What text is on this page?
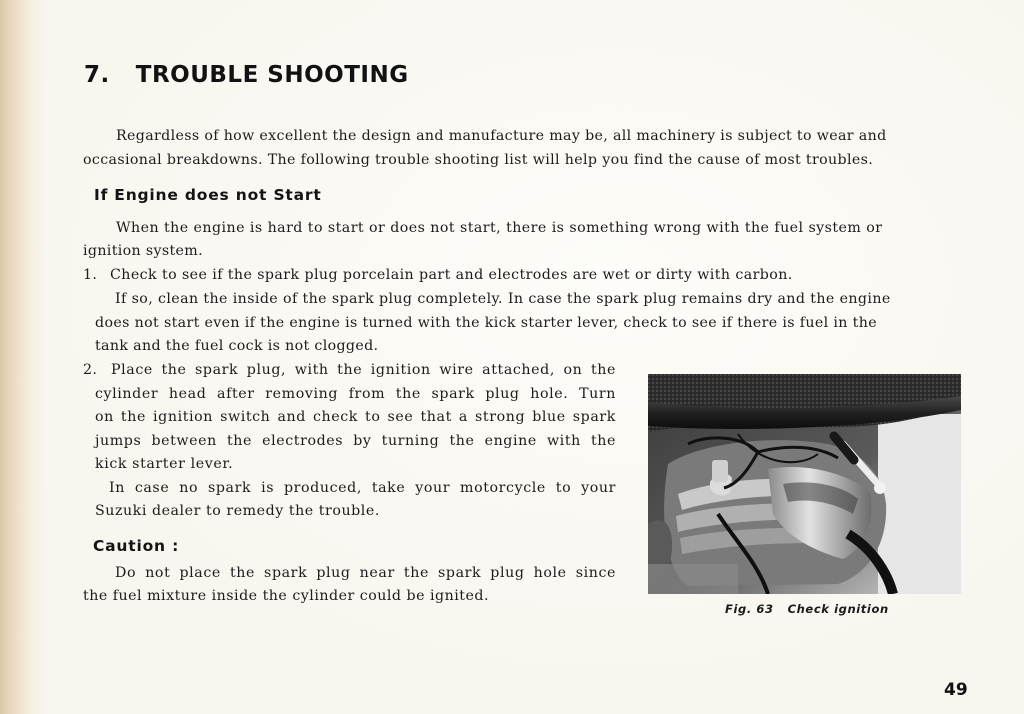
7. TROUBLE SHOOTING
Regardless of how excellent the design and manufacture may be, all machinery is subject to wear and
occasional breakdowns. The following trouble shooting list will help you find the cause of most troubles.
If Engine does not Start
When the engine is hard to start or does not start, there is something wrong with the fuel system or
ignition system.
1. Check to see if the spark plug porcelain part and electrodes are wet or dirty with carbon.
If so, clean the inside of the spark plug completely. In case the spark plug remains dry and the engine
does not start even if the engine is turned with the kick starter lever, check to see if there is fuel in the
tank and the fuel cock is not clogged.
2. Place the spark plug, with the ignition wire attached, on the
cylinder head after removing from the spark plug hole. Turn
on the ignition switch and check to see that a strong blue spark
jumps between the electrodes by turning the engine with the
kick starter lever.
In case no spark is produced, take your motorcycle to your
Suzuki dealer to remedy the trouble.
Caution :
Do not place the spark plug near the spark plug hole since
the fuel mixture inside the cylinder could be ignited.
Fig. 63 Check ignition
49
